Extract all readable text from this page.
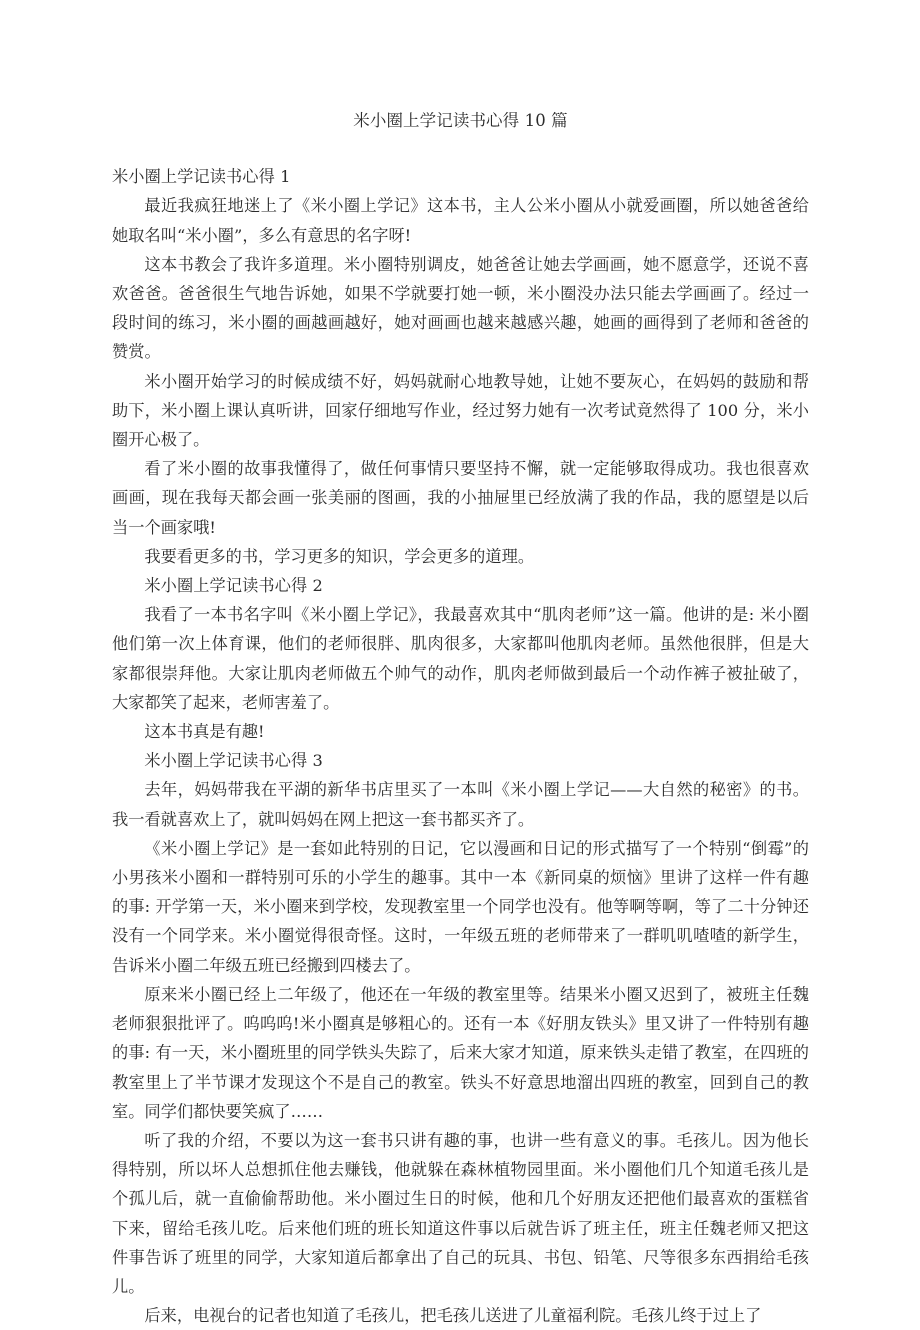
米小圈上学记读书心得 10 篇
米小圈上学记读书心得 1
最近我疯狂地迷上了《米小圈上学记》这本书，主人公米小圈从小就爱画圈，所以她爸爸给她取名叫“米小圈”，多么有意思的名字呀!
这本书教会了我许多道理。米小圈特别调皮，她爸爸让她去学画画，她不愿意学，还说不喜欢爸爸。爸爸很生气地告诉她，如果不学就要打她一顿，米小圈没办法只能去学画画了。经过一段时间的练习，米小圈的画越画越好，她对画画也越来越感兴趣，她画的画得到了老师和爸爸的赞赏。
米小圈开始学习的时候成绩不好，妈妈就耐心地教导她，让她不要灰心，在妈妈的鼓励和帮助下，米小圈上课认真听讲，回家仔细地写作业，经过努力她有一次考试竟然得了 100 分，米小圈开心极了。
看了米小圈的故事我懂得了，做任何事情只要坚持不懈，就一定能够取得成功。我也很喜欢画画，现在我每天都会画一张美丽的图画，我的小抽屉里已经放满了我的作品，我的愿望是以后当一个画家哦!
我要看更多的书，学习更多的知识，学会更多的道理。
米小圈上学记读书心得 2
我看了一本书名字叫《米小圈上学记》，我最喜欢其中“肌肉老师”这一篇。他讲的是: 米小圈他们第一次上体育课，他们的老师很胖、肌肉很多，大家都叫他肌肉老师。虽然他很胖，但是大家都很崇拜他。大家让肌肉老师做五个帅气的动作，肌肉老师做到最后一个动作裤子被扯破了，大家都笑了起来，老师害羞了。
这本书真是有趣!
米小圈上学记读书心得 3
去年，妈妈带我在平湖的新华书店里买了一本叫《米小圈上学记——大自然的秘密》的书。我一看就喜欢上了，就叫妈妈在网上把这一套书都买齐了。
《米小圈上学记》是一套如此特别的日记，它以漫画和日记的形式描写了一个特别“倒霉”的小男孩米小圈和一群特别可乐的小学生的趣事。其中一本《新同桌的烦恼》里讲了这样一件有趣的事: 开学第一天，米小圈来到学校，发现教室里一个同学也没有。他等啊等啊，等了二十分钟还没有一个同学来。米小圈觉得很奇怪。这时，一年级五班的老师带来了一群叽叽喳喳的新学生，告诉米小圈二年级五班已经搬到四楼去了。
原来米小圈已经上二年级了，他还在一年级的教室里等。结果米小圈又迟到了，被班主任魏老师狠狠批评了。呜呜呜!米小圈真是够粗心的。还有一本《好朋友铁头》里又讲了一件特别有趣的事: 有一天，米小圈班里的同学铁头失踪了，后来大家才知道，原来铁头走错了教室，在四班的教室里上了半节课才发现这个不是自己的教室。铁头不好意思地溜出四班的教室，回到自己的教室。同学们都快要笑疯了……
听了我的介绍，不要以为这一套书只讲有趣的事，也讲一些有意义的事。毛孩儿。因为他长得特别，所以坏人总想抓住他去赚钱，他就躲在森林植物园里面。米小圈他们几个知道毛孩儿是个孤儿后，就一直偷偷帮助他。米小圈过生日的时候，他和几个好朋友还把他们最喜欢的蛋糕省下来，留给毛孩儿吃。后来他们班的班长知道这件事以后就告诉了班主任，班主任魏老师又把这件事告诉了班里的同学，大家知道后都拿出了自己的玩具、书包、铅笔、尺等很多东西捐给毛孩儿。
后来，电视台的记者也知道了毛孩儿，把毛孩儿送进了儿童福利院。毛孩儿终于过上了
